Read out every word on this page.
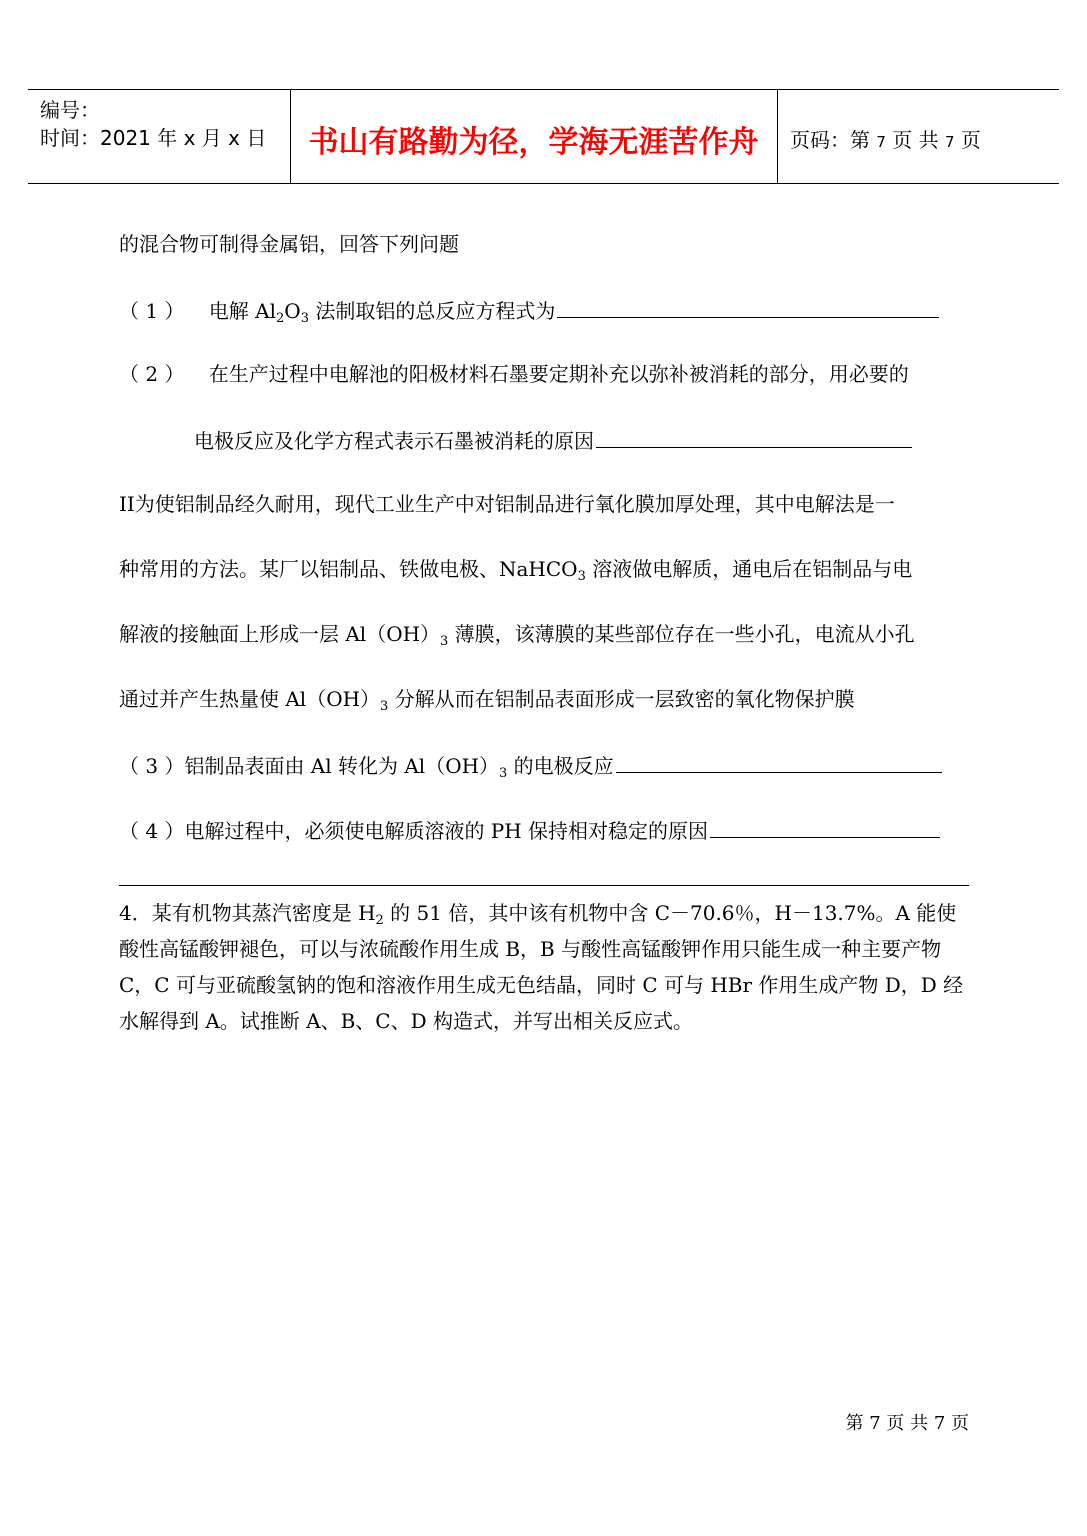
编号：
时间：2021 年 x 月 x 日	书山有路勤为径，学海无涯苦作舟	页码：第 7 页 共 7 页
的混合物可制得金属铝，回答下列问题
（ 1 ） 电解 $Al_2O_3$ 法制取铝的总反应方程式为
（ 2 ） 在生产过程中电解池的阳极材料石墨要定期补充以弥补被消耗的部分，用必要的
电极反应及化学方程式表示石墨被消耗的原因
II为使铝制品经久耐用，现代工业生产中对铝制品进行氧化膜加厚处理，其中电解法是一
种常用的方法。某厂以铝制品、铁做电极、NaHCO$_3$ 溶液做电解质，通电后在铝制品与电
解液的接触面上形成一层 $Al(OH)_3$ 薄膜，该薄膜的某些部位存在一些小孔，电流从小孔
通过并产生热量使 $Al(OH)_3$ 分解从而在铝制品表面形成一层致密的氧化物保护膜
（ 3 ）铝制品表面由 Al 转化为 $Al(OH)_3$ 的电极反应
（ 4 ）电解过程中，必须使电解质溶液的 PH 保持相对稳定的原因
4．某有机物其蒸汽密度是 $H_2$ 的 51 倍，其中该有机物中含 C－70.6％，H－13.7%。A 能使酸性高锰酸钾褪色，可以与浓硫酸作用生成 B，B 与酸性高锰酸钾作用只能生成一种主要产物 C，C 可与亚硫酸氢钠的饱和溶液作用生成无色结晶，同时 C 可与 HBr 作用生成产物 D，D 经水解得到 A。试推断 A、B、C、D 构造式，并写出相关反应式。
第 7 页 共 7 页
